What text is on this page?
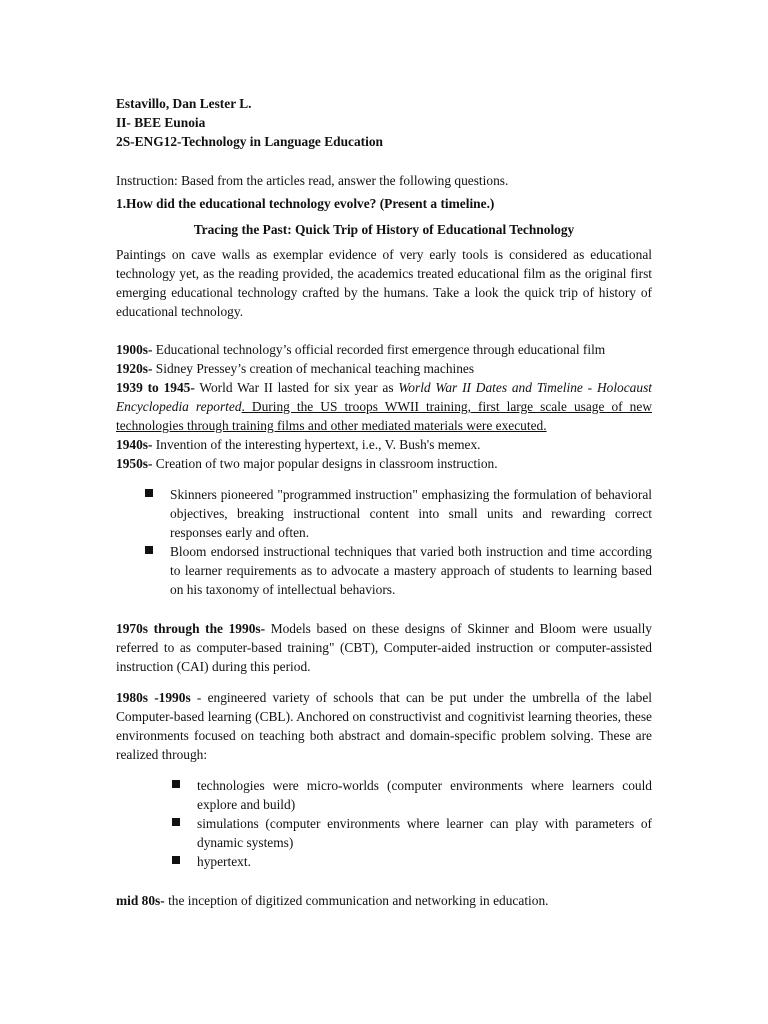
Estavillo, Dan Lester L.
II- BEE Eunoia
2S-ENG12-Technology in Language Education
Instruction: Based from the articles read, answer the following questions.
1.How did the educational technology evolve? (Present a timeline.)
Tracing the Past: Quick Trip of History of Educational Technology
Paintings on cave walls as exemplar evidence of very early tools is considered as educational technology yet, as the reading provided, the academics treated educational film as the original first emerging educational technology crafted by the humans. Take a look the quick trip of history of educational technology.
1900s- Educational technology’s official recorded first emergence through educational film
1920s- Sidney Pressey’s creation of mechanical teaching machines
1939 to 1945- World War II lasted for six year as World War II Dates and Timeline - Holocaust Encyclopedia reported. During the US troops WWII training, first large scale usage of new technologies through training films and other mediated materials were executed.
1940s- Invention of the interesting hypertext, i.e., V. Bush's memex.
1950s- Creation of two major popular designs in classroom instruction.
Skinners pioneered "programmed instruction" emphasizing the formulation of behavioral objectives, breaking instructional content into small units and rewarding correct responses early and often.
Bloom endorsed instructional techniques that varied both instruction and time according to learner requirements as to advocate a mastery approach of students to learning based on his taxonomy of intellectual behaviors.
1970s through the 1990s- Models based on these designs of Skinner and Bloom were usually referred to as computer-based training" (CBT), Computer-aided instruction or computer-assisted instruction (CAI) during this period.
1980s -1990s - engineered variety of schools that can be put under the umbrella of the label Computer-based learning (CBL). Anchored on constructivist and cognitivist learning theories, these environments focused on teaching both abstract and domain-specific problem solving. These are realized through:
technologies were micro-worlds (computer environments where learners could explore and build)
simulations (computer environments where learner can play with parameters of dynamic systems)
hypertext.
mid 80s- the inception of digitized communication and networking in education.
